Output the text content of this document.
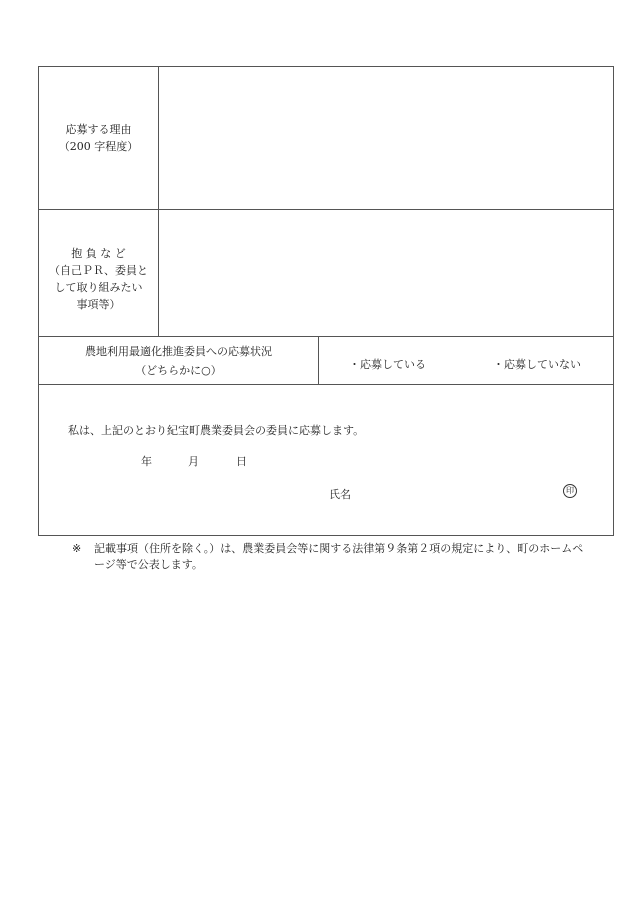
応募する理由
（200 字程度）
抱 負 な ど
（自己ＰＲ、委員と
して取り組みたい
事項等）
農地利用最適化推進委員への応募状況
（どちらかに○）	・応募している	・応募していない
私は、上記のとおり紀宝町農業委員会の委員に応募します。
年	月	日
氏名	印
※ 記載事項（住所を除く。）は、農業委員会等に関する法律第９条第２項の規定により、町のホームページ等で公表します。
